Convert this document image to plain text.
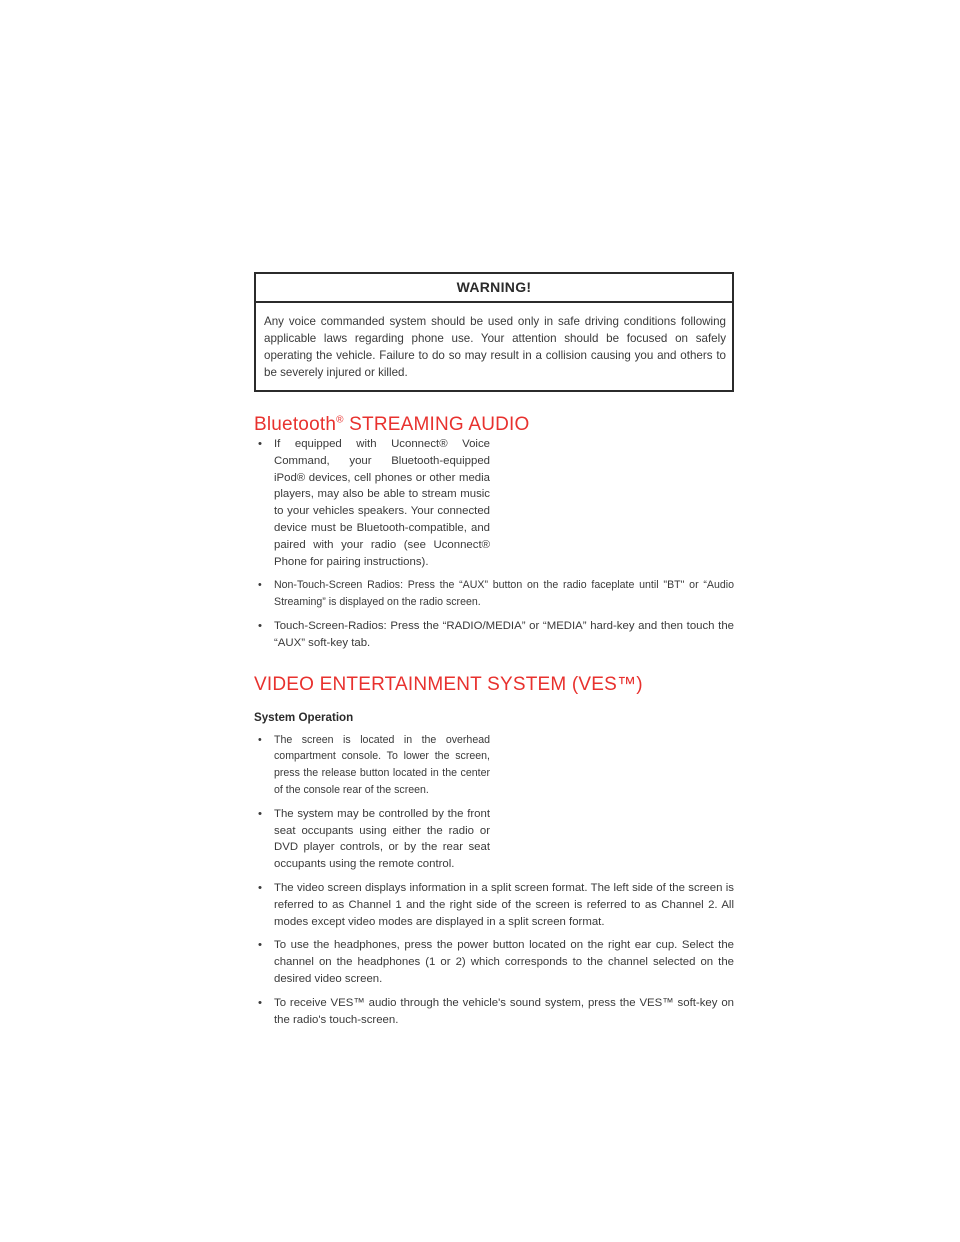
WARNING!
Any voice commanded system should be used only in safe driving conditions following applicable laws regarding phone use. Your attention should be focused on safely operating the vehicle. Failure to do so may result in a collision causing you and others to be severely injured or killed.
Bluetooth® STREAMING AUDIO
• If equipped with Uconnect® Voice Command, your Bluetooth-equipped iPod® devices, cell phones or other media players, may also be able to stream music to your vehicles speakers. Your connected device must be Bluetooth-compatible, and paired with your radio (see Uconnect® Phone for pairing instructions).
• Non-Touch-Screen Radios: Press the “AUX” button on the radio faceplate until "BT" or “Audio Streaming” is displayed on the radio screen.
• Touch-Screen-Radios: Press the “RADIO/MEDIA” or “MEDIA” hard-key and then touch the “AUX” soft-key tab.
VIDEO ENTERTAINMENT SYSTEM (VES™)
System Operation
• The screen is located in the overhead compartment console. To lower the screen, press the release button located in the center of the console rear of the screen.
• The system may be controlled by the front seat occupants using either the radio or DVD player controls, or by the rear seat occupants using the remote control.
• The video screen displays information in a split screen format. The left side of the screen is referred to as Channel 1 and the right side of the screen is referred to as Channel 2. All modes except video modes are displayed in a split screen format.
• To use the headphones, press the power button located on the right ear cup. Select the channel on the headphones (1 or 2) which corresponds to the channel selected on the desired video screen.
• To receive VES™ audio through the vehicle's sound system, press the VES™ soft-key on the radio's touch-screen.
